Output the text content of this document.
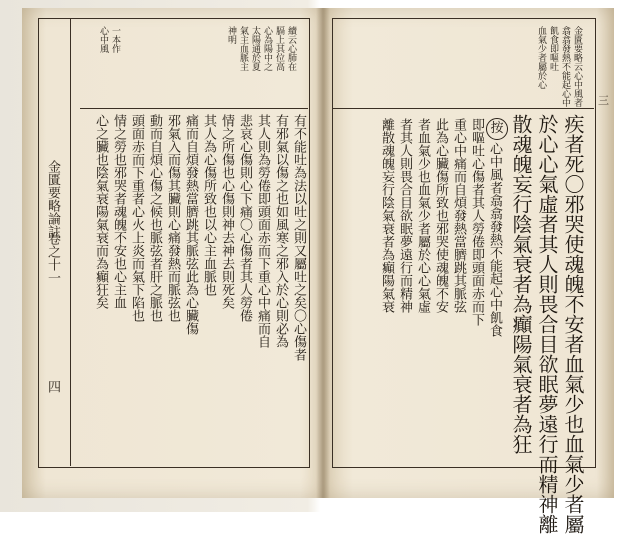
金匱要略云心中風者
翕翕發熱不能起心中
飢食即嘔吐
血氣少者屬於心
疾者死〇邪哭使魂魄不安者血氣少也血氣少者屬
於心心氣虛者其人則畏合目欲眠夢遠行而精神離
散魂魄妄行陰氣衰者為癲陽氣衰者為狂
按
心中風者翕翕發熱不能起心中飢食
即嘔吐心傷者其人勞倦即頭面赤而下
重心中痛而自煩發熱當臍跳其脈弦
此為心臟傷所致也邪哭使魂魄不安
者血氣少也血氣少者屬於心心氣虛
者其人則畏合目欲眠夢遠行而精神
離散魂魄妄行陰氣衰者為癲陽氣衰
三
金匱要略論註
卷之十一
四
續云心肺在
膈上其位高
心為陽中之
太陽通於夏
氣主血脈主
神明
一本作
心中風
有不能吐為法以吐之則又屬吐之矣〇心傷者
有邪氣以傷之也如風寒之邪入於心則必為
其人則為勞倦即頭面赤而下重心中痛而自
悲哀心傷則心下痛〇心傷者其人勞倦
情之所傷也心傷則神去神去則死矣
其人為心傷所致也以心主血脈也
痛而自煩發熱當臍跳其脈弦此為心臟傷
邪氣入而傷其臟則心痛發熱而脈弦也
動而自煩心傷之候也脈弦者肝之脈也
頭面赤而下重者心火上炎而氣下陷也
情之勞也邪哭者魂魄不安也心主血
心之臟也陰氣衰陽氣衰而為癲狂矣
